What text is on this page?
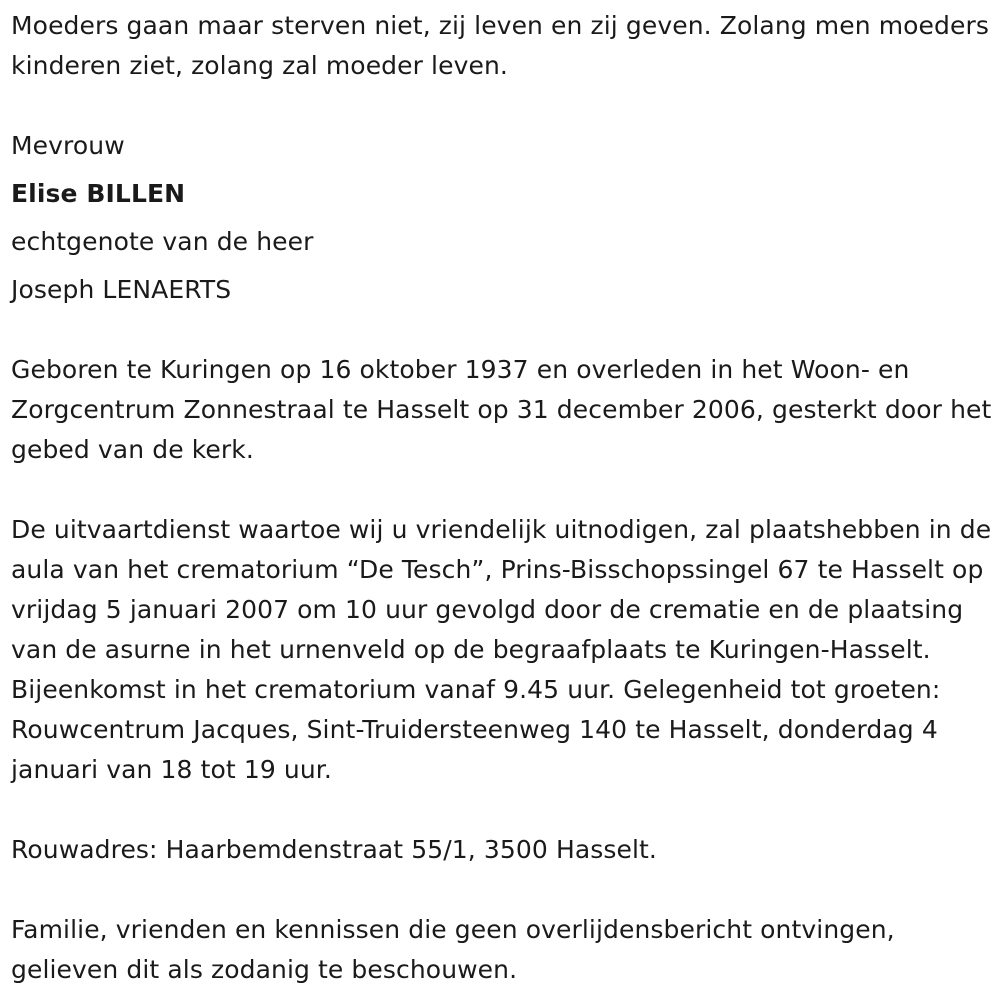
Moeders gaan maar sterven niet, zij leven en zij geven. Zolang men moeders kinderen ziet, zolang zal moeder leven.

Mevrouw

Elise BILLEN

echtgenote van de heer

Joseph LENAERTS

Geboren te Kuringen op 16 oktober 1937 en overleden in het Woon- en Zorgcentrum Zonnestraal te Hasselt op 31 december 2006, gesterkt door het gebed van de kerk.

De uitvaartdienst waartoe wij u vriendelijk uitnodigen, zal plaatshebben in de aula van het crematorium “De Tesch”, Prins-Bisschopssingel 67 te Hasselt op vrijdag 5 januari 2007 om 10 uur gevolgd door de crematie en de plaatsing van de asurne in het urnenveld op de begraafplaats te Kuringen-Hasselt. Bijeenkomst in het crematorium vanaf 9.45 uur. Gelegenheid tot groeten: Rouwcentrum Jacques, Sint-Truidersteenweg 140 te Hasselt, donderdag 4 januari van 18 tot 19 uur.

Rouwadres: Haarbemdenstraat 55/1, 3500 Hasselt.

Familie, vrienden en kennissen die geen overlijdensbericht ontvingen, gelieven dit als zodanig te beschouwen.
